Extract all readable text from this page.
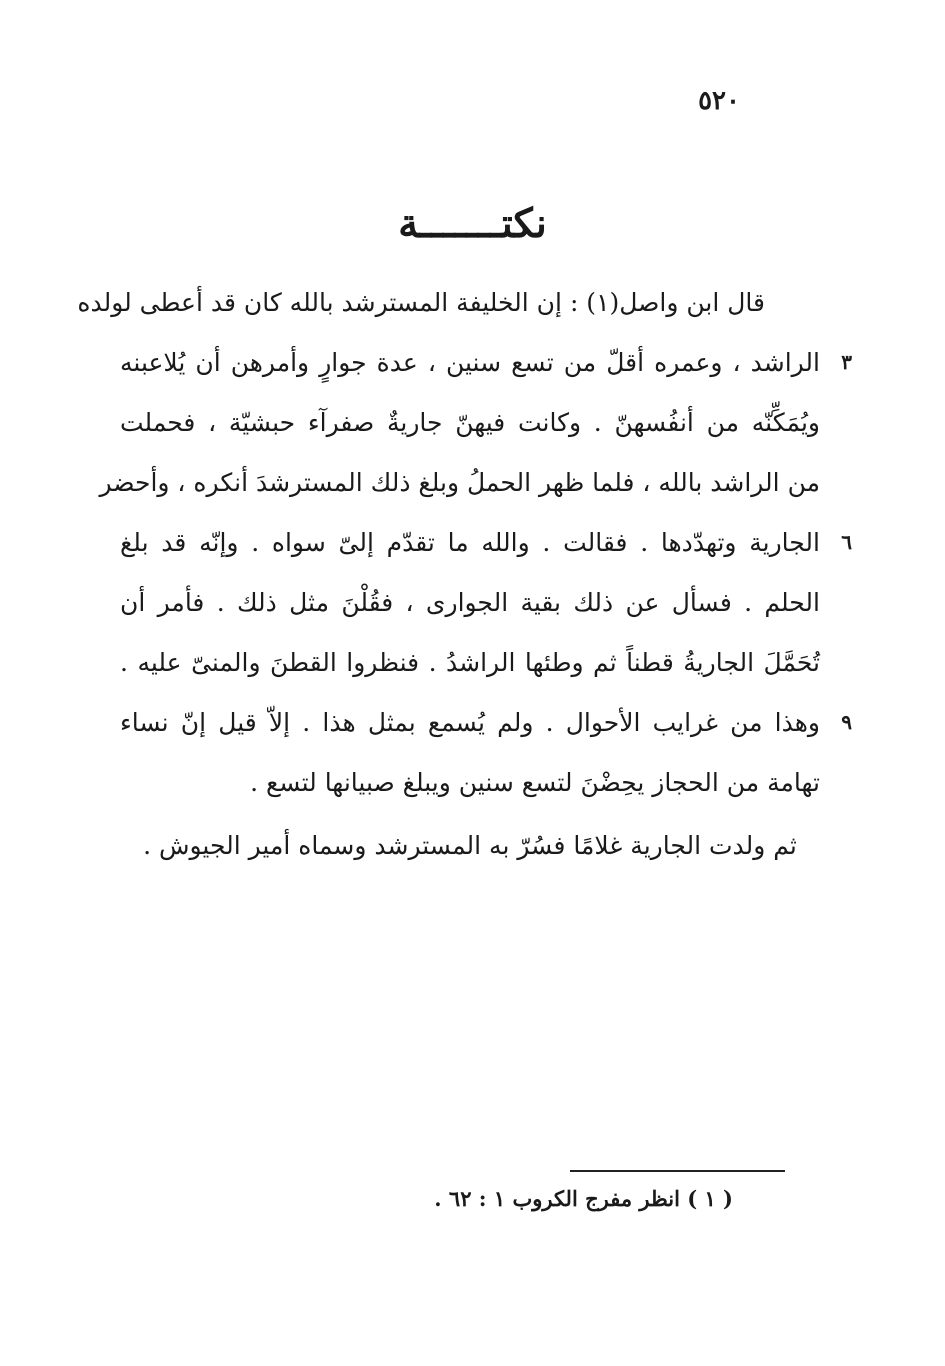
٥٢٠
نكتـــــــة
قال ابن واصل(١) : إن الخليفة المسترشد بالله كان قد أعطى لولده
٣
الراشد ، وعمره أقلّ من تسع سنين ، عدة جوارٍ وأمرهن أن يُلاعبنه
ويُمَكِّنّه من أنفُسهنّ . وكانت فيهنّ جاريةٌ صفرآء حبشيّة ، فحملت
من الراشد بالله ، فلما ظهر الحملُ وبلغ ذلك المسترشدَ أنكره ، وأحضر
٦
الجارية وتهدّدها . فقالت . والله ما تقدّم إلىّ سواه . وإنّه قد بلغ
الحلم . فسأل عن ذلك بقية الجوارى ، فقُلْنَ مثل ذلك . فأمر أن
تُحَمَّلَ الجاريةُ قطناً ثم وطئها الراشدُ . فنظروا القطنَ والمنىّ عليه .
٩
وهذا من غرايب الأحوال . ولم يُسمع بمثل هذا . إلاّ قيل إنّ نساء
تهامة من الحجاز يحِضْنَ لتسع سنين ويبلغ صبيانها لتسع .
ثم ولدت الجارية غلامًا فسُرّ به المسترشد وسماه أمير الجيوش .
( ١ ) انظر مفرج الكروب ١ : ٦٢ .
